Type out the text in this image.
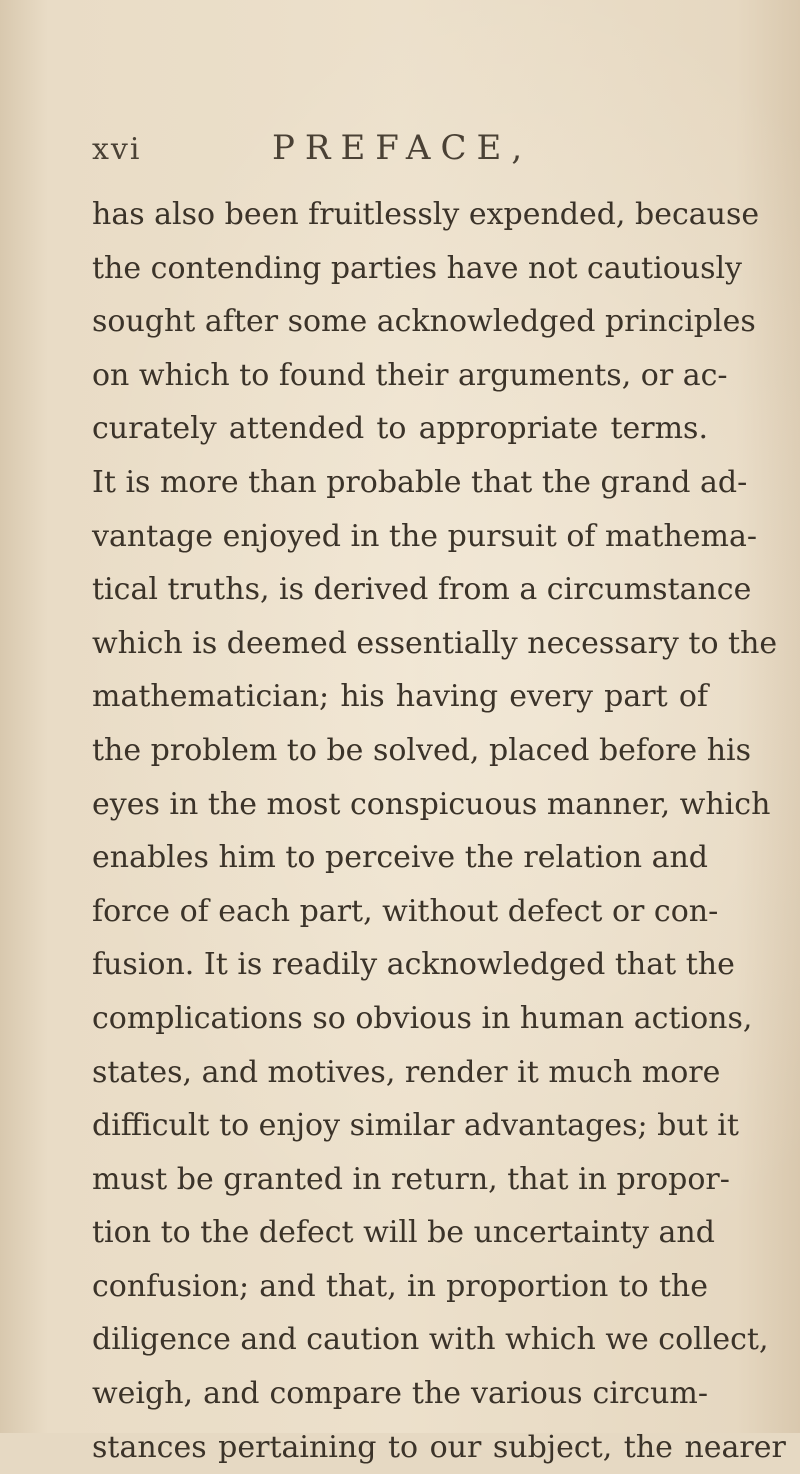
xvi	PREFACE,
has also been fruitlessly expended, because
the contending parties have not cautiously
sought after some acknowledged principles
on which to found their arguments, or ac-
curately attended to appropriate terms.
It is more than probable that the grand ad-
vantage enjoyed in the pursuit of mathema-
tical truths, is derived from a circumstance
which is deemed essentially necessary to the
mathematician; his having every part of
the problem to be solved, placed before his
eyes in the most conspicuous manner, which
enables him to perceive the relation and
force of each part, without defect or con-
fusion. It is readily acknowledged that the
complications so obvious in human actions,
states, and motives, render it much more
difficult to enjoy similar advantages; but it
must be granted in return, that in propor-
tion to the defect will be uncertainty and
confusion; and that, in proportion to the
diligence and caution with which we collect,
weigh, and compare the various circum-
stances pertaining to our subject, the nearer
